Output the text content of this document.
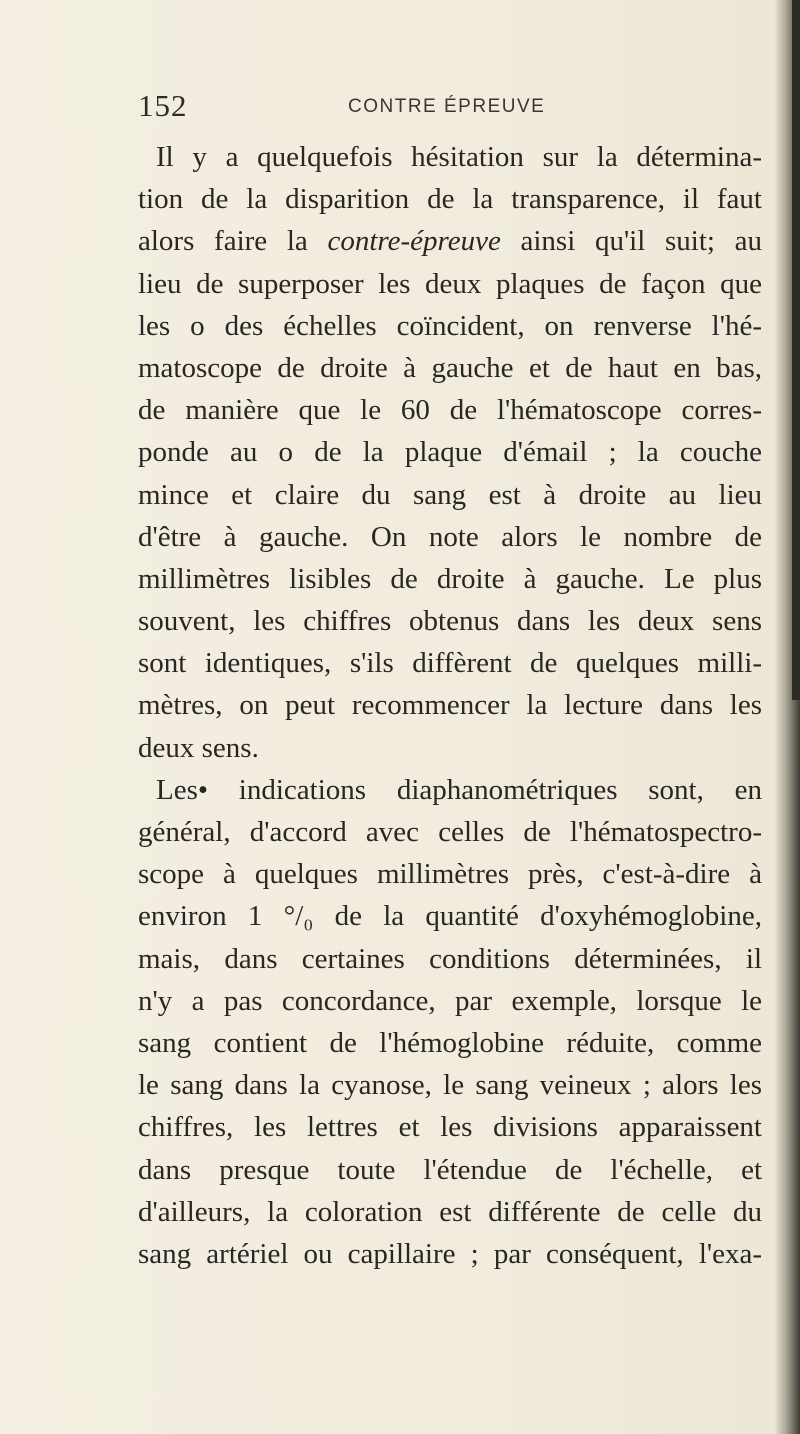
152	CONTRE ÉPREUVE
Il y a quelquefois hésitation sur la détermina-
tion de la disparition de la transparence, il faut
alors faire la contre-épreuve ainsi qu'il suit; au
lieu de superposer les deux plaques de façon que
les o des échelles coïncident, on renverse l'hé-
matoscope de droite à gauche et de haut en bas,
de manière que le 60 de l'hématoscope corres-
ponde au o de la plaque d'émail ; la couche
mince et claire du sang est à droite au lieu
d'être à gauche. On note alors le nombre de
millimètres lisibles de droite à gauche. Le plus
souvent, les chiffres obtenus dans les deux sens
sont identiques, s'ils diffèrent de quelques milli-
mètres, on peut recommencer la lecture dans les
deux sens.
Les• indications diaphanométriques sont, en
général, d'accord avec celles de l'hématospectro-
scope à quelques millimètres près, c'est-à-dire à
environ 1 °/₀ de la quantité d'oxyhémoglobine,
mais, dans certaines conditions déterminées, il
n'y a pas concordance, par exemple, lorsque le
sang contient de l'hémoglobine réduite, comme
le sang dans la cyanose, le sang veineux ; alors les
chiffres, les lettres et les divisions apparaissent
dans presque toute l'étendue de l'échelle, et
d'ailleurs, la coloration est différente de celle du
sang artériel ou capillaire ; par conséquent, l'exa-
